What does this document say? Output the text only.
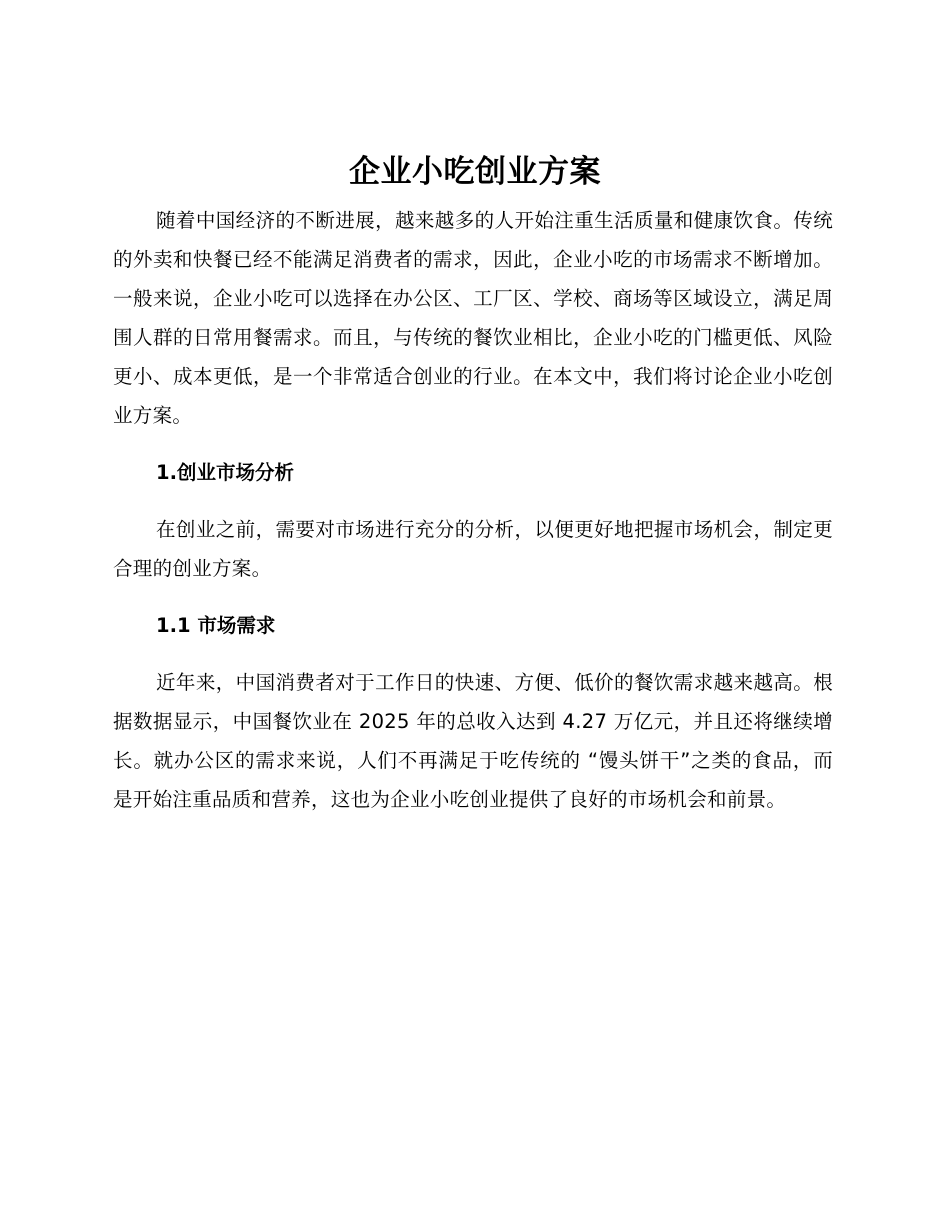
企业小吃创业方案

随着中国经济的不断进展，越来越多的人开始注重生活质量和健康饮食。传统的外卖和快餐已经不能满足消费者的需求，因此，企业小吃的市场需求不断增加。一般来说，企业小吃可以选择在办公区、工厂区、学校、商场等区域设立，满足周围人群的日常用餐需求。而且，与传统的餐饮业相比，企业小吃的门槛更低、风险更小、成本更低，是一个非常适合创业的行业。在本文中，我们将讨论企业小吃创业方案。

1.创业市场分析

在创业之前，需要对市场进行充分的分析，以便更好地把握市场机会，制定更合理的创业方案。

1.1 市场需求

近年来，中国消费者对于工作日的快速、方便、低价的餐饮需求越来越高。根据数据显示，中国餐饮业在 2025 年的总收入达到 4.27 万亿元，并且还将继续增长。就办公区的需求来说，人们不再满足于吃传统的 “馒头饼干”之类的食品，而是开始注重品质和营养，这也为企业小吃创业提供了良好的市场机会和前景。
